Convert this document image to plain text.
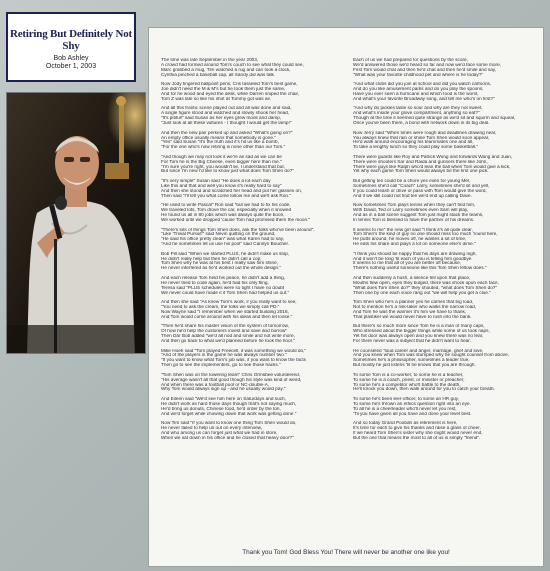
Retiring But Definitely Not Shy
Bob Ashley
October 1, 2003
The time was late September in the year 2003,
A crowd had formed around Tom's couch to see what they could see,
Marc grabbed a mug, Tim watched a rug and can took a clock,
Cynthia pinched a baseball cap, all Sandy did was talk.
Now Jody fingered ballpoint pens, Cris tasseled Tom's best game,
Joe didn't need the M & M's but he took them just the same,
And for he wood and eyed the desk, while Darren sniped the chair,
Tom Z was late so like his shot at Tommy got was air.
And all this frantic scene played out and all was done and said,
A single figure stood and watched and slowly shook her head,
"It's pitiful!" said Susan as her eyes grew moist and damp,
"Just look at all these vultures - I thought I would get the lamp!"
And then the new pair perked up and asked "What's going on?"
An empty office usually means that somebody is gone."
"Yes" said Susan "It's the truth and it's hit us like a bomb,
"For the one who's now retiring is none other than our Tom."
"And though we may not look it we're as sad as we can be
For Tom he is the Big Cheese, even bigger here than me."
"I'm sure you're right, you wouldn't lie, I understand that but,
But since I'm new I'd like to know just what does Tom Shen do?"
"It's very simple" Susan said "He does a lot each day
Like this and that and well you know it's really hard to say"
And then she stood and scratched her head and put her glasses on,
Then said "I'll tell you what come follow me and we'll ask Ron."
"He used to write Pascal" Ron said "but we had to fix his code,
We traveled lots, Tom drove the car, especially when it snowed
He found us all in 80 jobs which was always quite the boon,
We worked until we dropped 'cause Tom had promised them the moon."
"There's lots of things Tom Shen does, ask the folks who've been around",
"Like 'Trivial Pursuit'" said Nevin quitting on the ground,
"He said his office pretty clean" was what Karen had to say,
"And he sometimes let us use his pool" said Carolyn Boucher.
Bob Pill said "When we started PLUS, he didn't make us stop,
He didn't really help but then he didn't call a cop,
Tom Shen why he was at his best I really saw him shine,
He never interfered as he'd worked out the whole design."
And each release Tom held his peace, he didn't add a thing,
He never tried to code again, he'd had his only fling,
Teresa said "PLUS schedules were so tight I have no doubt
We never could have made it if Tom Shen had helped us out."
And then she said "As knew Tom's work, if you really want to see,
"You need to ask the cream, the folks we simply call PD."
Now Wayne said "I remember when we started building 2016,
And Tom would come around with his ideas and then let loose."
"Then he'd share his master vision of the system of tomorrow,
Of how he'd help the customers invest and save and borrow"
Then Dar Bob added "we'd all nod and smile and not write more,
And then go back to what we'd planned before he took the floor."
Mike Hoeh said "Tom played Freecell, it was something we would do,"
"And of the players in the game he was always number two."
"If you want to know what Tom's job was, if you want to know the facts
Then go to see the implementers, go to see those hacks."
"Tom Shen was on the towering team" Chris Ormsbee volunteered,
"His average wasn't all that good though his style was kind of weird,
And when there was a football pool or NC-double-A,
Why Tom would always sign up - and he usually would pay."
And Eileen said "We'd see him here on Saturdays and such,
He didn't work as hard those days though that's not saying much,
He'd bring us donuts, Chinese food, he'd order by the ton,
And we'd forget while chowing down that work was getting done."
Now Tim said "If you want to know one thing Tom Shen would do,
He never failed to help us out on every interview,
And who among us can forget just what we had in store,
When we sat down in his office and he closed that heavy door?"
Each of us we had prepared for questions by the score,
We'd answered those we'd heard so far and now we'd face some more,
First Tom would chat and then he'd chat and then he'd smile and say,
"What was your favorite childhood pet and where is he today?"
"And what clubs did you join at school and did you watch cartoons,
And do you like amusement parks and do you play the spoons,
Have you ever seen a hurricane and which food is the worst,
And what's your favorite Broadway song, and tell me who's on first?"
"And why do pickles taste so sour and why are they not sweet,
And what's inside your glove compartment, anything so eat?"
Though at the time it seemed quite strange as we'd sit and squirm and squeal,
Once you've been there, a bond with network down in its big deal.
Now Jerry said "When times were rough and deadlines drawing near,
You always knew that rain or shine Tom Shen would soon appear,
He'd walk around encouraging his teammates one and all,
To take a lengthy lunch so they could play some basketball."
There were guards like Roy and Patrick Wong and forwards Wang and Juan,
There were shooters Sar and Raida and gunners there like John,
There were guys like Ralph who'd lean the ball when Tom would give a kick,
Yet why each game Tom Shen would always be the first one pick.
But getting ten could be a chore yes even for young Mel,
Sometimes she'd call "Coach" Larry, sometimes she'd sit and yell,
If you could leash or drive or pass with Tom would give the word,
And if we still could not find ten we'd end up calling Dave.
Now sometimes Tom plays tennis when they can't find him,
With David, Ted or Larry sometimes even Sam will play,
And as in a ball scene suggest Tom just might stack the teams,
In tennis Tom is blessed to have the partner of his dreams.
It seems to me" the new girl said "I think it's all quite clear,
Tom Shen's the kind of guy no one should miss too much 'round here,
He putts around, he moves off, he wastes a lot of time,
He eats his share and plays a lot on someone else's dime."
"I think you should be happy that his days are drawing nigh,
And it won't be long 'til each of you is telling him goodbye.
It seems to me that all of you are better off because,
There's nothing useful someone like this Tom Shen fellow does."
And then suddenly a hush, a silence fell upon that place,
Mouths flew open, eyes they bulged, there was shock upon each face,
"What does Tom Shen do?" they shouted, "what does Tom Shen do?"
Then one by one each voice rang out "we will help you get a clue."
Tom Shen who he's a planner yes he carries that big load,
Not to mention he's a risk-taker who walks the narrow road,
And Tom he was the warmer it's him we have to thank,
That plastiker we would never have to rush into the bank.
But there's so much more since Tom he is a man of many caps,
Who stressed about the bigger things while some of us took naps,
Yet his door was always open and you knew there was no fear,
For there never was a subject that he didn't want to hear.
He counseled "loud career and anger, marriage, grief and love,
And you knew when Tom was stumped why he sought counsel from above,
Sometimes he's a philosopher, sometimes a leader true,
But mostly he just listens 'til he knows that you are through.
To some Tom is a co-worker, to some he is a teacher,
To some he is a coach, priest, or minister or preacher,
To some he's a competitor who'll battle to the death,
He'll knock you down, then walk around for you to catch your breath.
To some he's been leer-officer, to some an HR guy,
To some he's thrown an ethics question right into an eye.
To all he is a cheerleader who'll never let you rest,
'Til you have given all you have and done your level best.
And so today Grand Poobah as retirement is here,
It's time for each to give his thanks and raise a glass of cheer,
If we heard Tom Shen's sister why she might would never end,
But the one that means the most to all of us is simply "friend".
Thank you Tom! God Bless You! There will never be another one like you!
